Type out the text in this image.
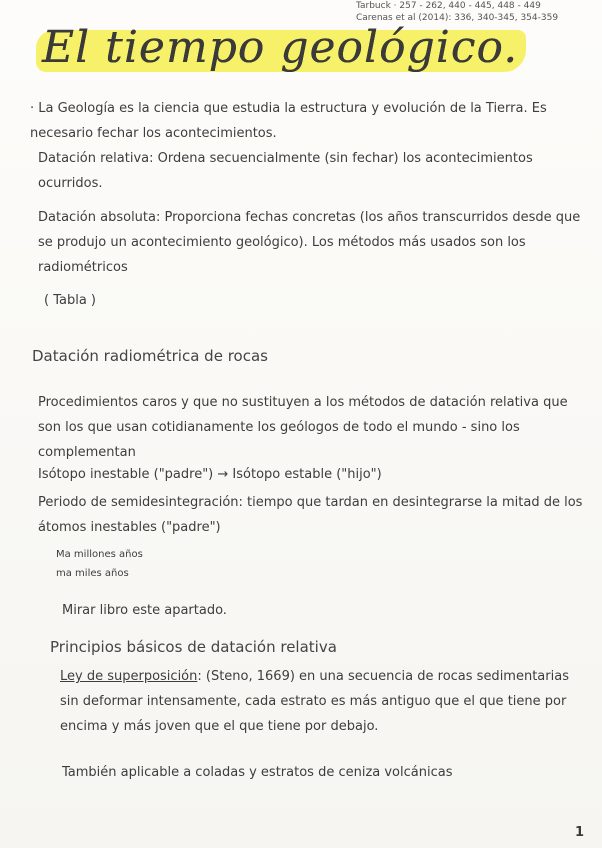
Tarbuck · 257 - 262, 440 - 445, 448 - 449
Carenas et al (2014): 336, 340-345, 354-359
El tiempo geológico.
· La Geología es la ciencia que estudia la estructura y evolución de la Tierra. Es necesario fechar los acontecimientos.
Datación relativa: Ordena secuencialmente (sin fechar) los acontecimientos ocurridos.
Datación absoluta: Proporciona fechas concretas (los años transcurridos desde que se produjo un acontecimiento geológico). Los métodos más usados son los radiométricos
( Tabla )
Datación radiométrica de rocas
Procedimientos caros y que no sustituyen a los métodos de datación relativa que son los que usan cotidianamente los geólogos de todo el mundo - sino los complementan
Isótopo inestable ("padre") → Isótopo estable ("hijo")
Periodo de semidesintegración: tiempo que tardan en desintegrarse la mitad de los átomos inestables ("padre")
Ma millones años
ma miles años
Mirar libro este apartado.
Principios básicos de datación relativa
Ley de superposición: (Steno, 1669) en una secuencia de rocas sedimentarias sin deformar intensamente, cada estrato es más antiguo que el que tiene por encima y más joven que el que tiene por debajo.
También aplicable a coladas y estratos de ceniza volcánicas
1
